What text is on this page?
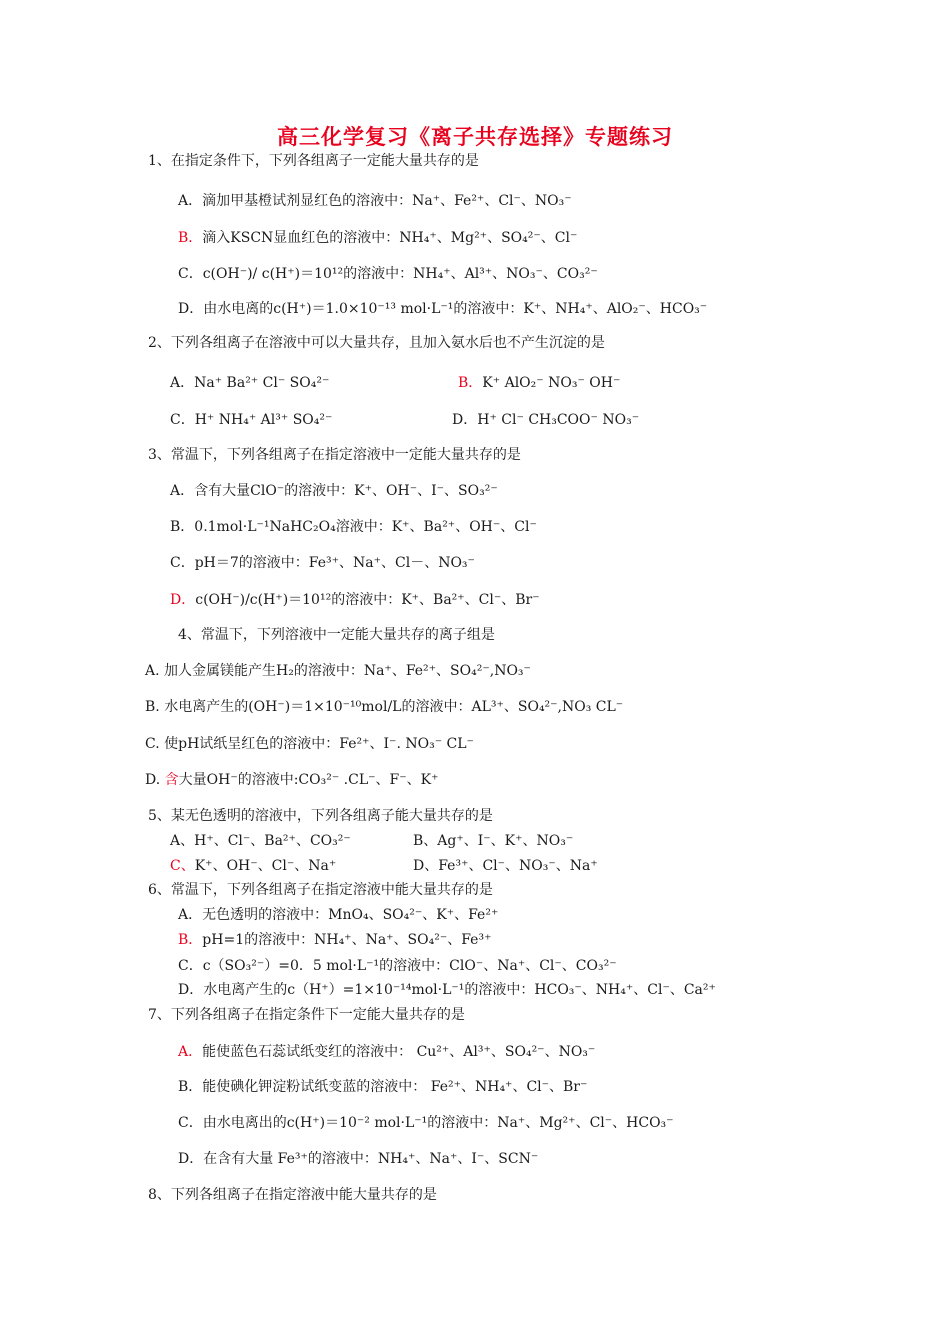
高三化学复习《离子共存选择》专题练习
1、在指定条件下，下列各组离子一定能大量共存的是
A．滴加甲基橙试剂显红色的溶液中：Na⁺、Fe²⁺、Cl⁻、NO₃⁻
B．滴入KSCN显血红色的溶液中：NH₄⁺、Mg²⁺、SO₄²⁻、Cl⁻
C．c(OH⁻)/ c(H⁺)＝10¹²的溶液中：NH₄⁺、Al³⁺、NO₃⁻、CO₃²⁻
D．由水电离的c(H⁺)＝1.0×10⁻¹³ mol·L⁻¹的溶液中：K⁺、NH₄⁺、AlO₂⁻、HCO₃⁻
2、下列各组离子在溶液中可以大量共存，且加入氨水后也不产生沉淀的是
A．Na⁺ Ba²⁺ Cl⁻ SO₄²⁻	B．K⁺ AlO₂⁻ NO₃⁻ OH⁻
C．H⁺ NH₄⁺ Al³⁺ SO₄²⁻	D．H⁺ Cl⁻ CH₃COO⁻ NO₃⁻
3、常温下，下列各组离子在指定溶液中一定能大量共存的是
A．含有大量ClO⁻的溶液中：K⁺、OH⁻、I⁻、SO₃²⁻
B．0.1mol·L⁻¹NaHC₂O₄溶液中：K⁺、Ba²⁺、OH⁻、Cl⁻
C．pH＝7的溶液中：Fe³⁺、Na⁺、Cl－、NO₃⁻
D．c(OH⁻)/c(H⁺)＝10¹²的溶液中：K⁺、Ba²⁺、Cl⁻、Br⁻
4、常温下，下列溶液中一定能大量共存的离子组是
A. 加人金属镁能产生H₂的溶液中：Na⁺、Fe²⁺、SO₄²⁻,NO₃⁻
B. 水电离产生的(OH⁻)＝1×10⁻¹⁰mol/L的溶液中：AL³⁺、SO₄²⁻,NO₃ CL⁻
C. 使pH试纸呈红色的溶液中：Fe²⁺、I⁻. NO₃⁻ CL⁻
D. 含大量OH⁻的溶液中:CO₃²⁻ .CL⁻、F⁻、K⁺
5、某无色透明的溶液中，下列各组离子能大量共存的是
A、H⁺、Cl⁻、Ba²⁺、CO₃²⁻	B、Ag⁺、I⁻、K⁺、NO₃⁻
C、K⁺、OH⁻、Cl⁻、Na⁺	D、Fe³⁺、Cl⁻、NO₃⁻、Na⁺
6、常温下，下列各组离子在指定溶液中能大量共存的是
A．无色透明的溶液中：MnO₄、SO₄²⁻、K⁺、Fe²⁺
B．pH=1的溶液中：NH₄⁺、Na⁺、SO₄²⁻、Fe³⁺
C．c（SO₃²⁻）=0．5 mol·L⁻¹的溶液中：ClO⁻、Na⁺、Cl⁻、CO₃²⁻
D．水电离产生的c（H⁺）=1×10⁻¹⁴mol·L⁻¹的溶液中：HCO₃⁻、NH₄⁺、Cl⁻、Ca²⁺
7、下列各组离子在指定条件下一定能大量共存的是
A．能使蓝色石蕊试纸变红的溶液中： Cu²⁺、Al³⁺、SO₄²⁻、NO₃⁻
B．能使碘化钾淀粉试纸变蓝的溶液中： Fe²⁺、NH₄⁺、Cl⁻、Br⁻
C．由水电离出的c(H⁺)＝10⁻² mol·L⁻¹的溶液中：Na⁺、Mg²⁺、Cl⁻、HCO₃⁻
D．在含有大量 Fe³⁺的溶液中：NH₄⁺、Na⁺、I⁻、SCN⁻
8、下列各组离子在指定溶液中能大量共存的是
